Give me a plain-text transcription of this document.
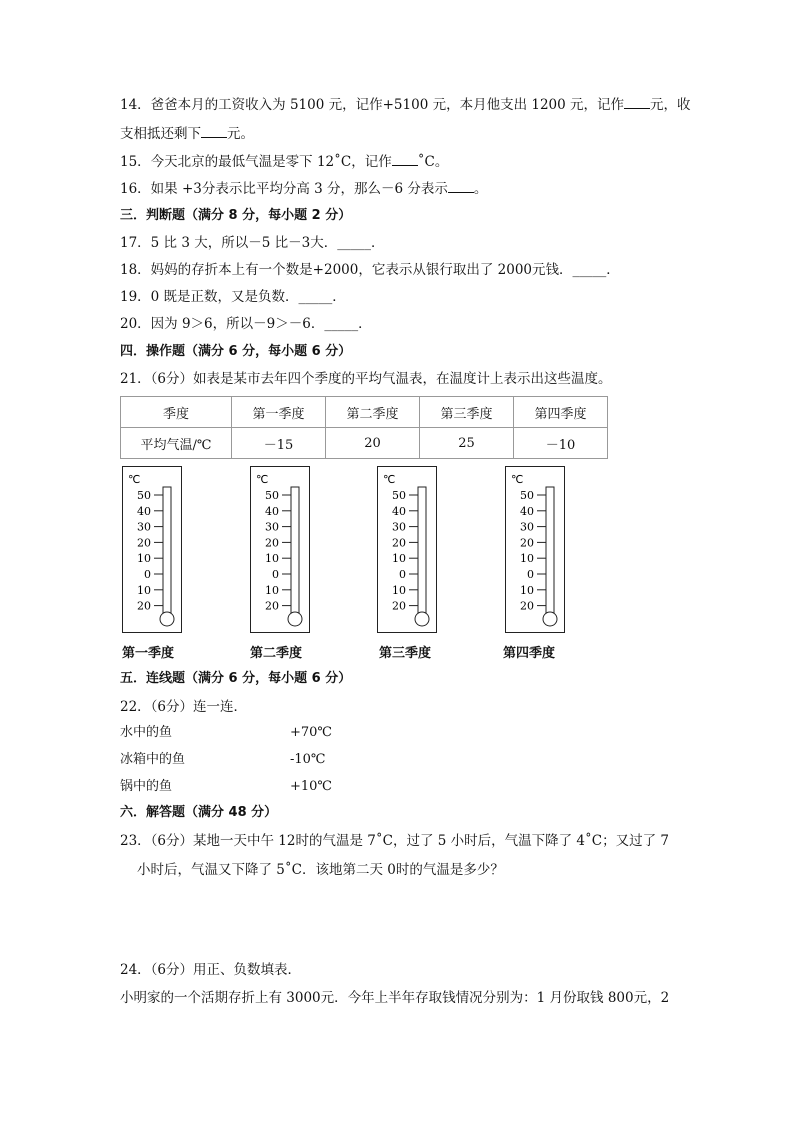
14．爸爸本月的工资收入为 5100 元，记作+5100 元，本月他支出 1200 元，记作 元，收
支相抵还剩下 元。
15．今天北京的最低气温是零下 12˚C，记作 ˚C。
16．如果 +3分表示比平均分高 3 分，那么－6 分表示 。
三．判断题（满分 8 分，每小题 2 分）
17．5 比 3 大，所以－5 比－3大．_____．
18．妈妈的存折本上有一个数是+2000，它表示从银行取出了 2000元钱．_____．
19．0 既是正数，又是负数．_____．
20．因为 9＞6，所以－9＞－6．_____．
四．操作题（满分 6 分，每小题 6 分）
21．（6分）如表是某市去年四个季度的平均气温表，在温度计上表示出这些温度。
季度	第一季度	第二季度	第三季度	第四季度
平均气温/℃	－15	20	25	－10
℃
50
40
30
20
10
0
10
20
℃
50
40
30
20
10
0
10
20
℃
50
40
30
20
10
0
10
20
℃
50
40
30
20
10
0
10
20
第一季度	第二季度	第三季度	第四季度
五．连线题（满分 6 分，每小题 6 分）
22．（6分）连一连．
水中的鱼
冰箱中的鱼
锅中的鱼
+70℃
-10℃
+10℃
六．解答题（满分 48 分）
23．（6分）某地一天中午 12时的气温是 7˚C，过了 5 小时后，气温下降了 4˚C；又过了 7
小时后，气温又下降了 5˚C．该地第二天 0时的气温是多少？
24．（6分）用正、负数填表．
小明家的一个活期存折上有 3000元．今年上半年存取钱情况分别为：1 月份取钱 800元，2
